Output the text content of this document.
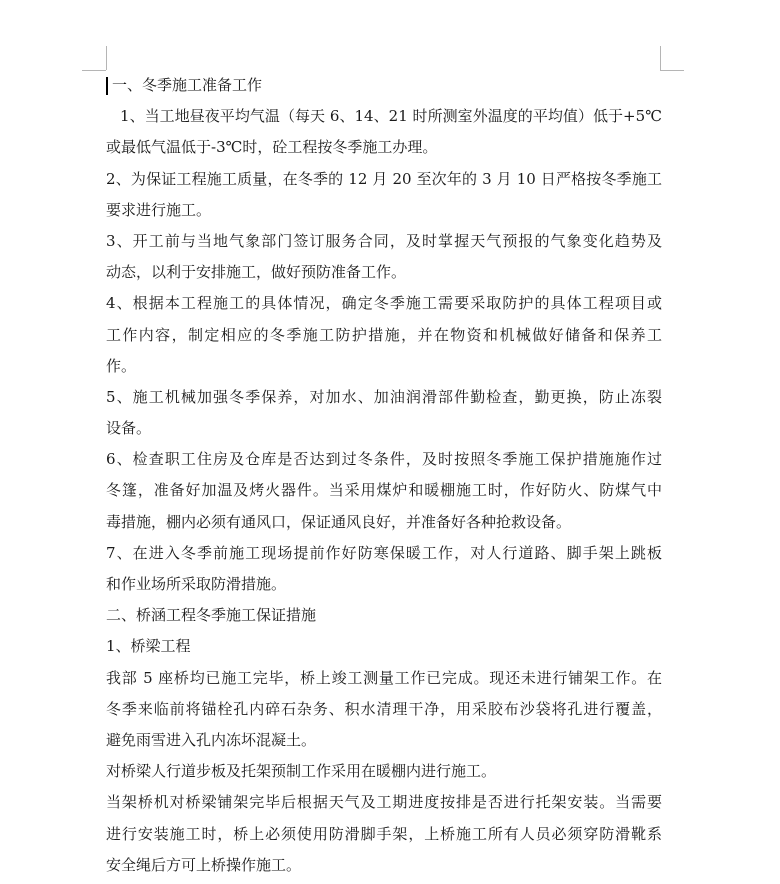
一、冬季施工准备工作
1、当工地昼夜平均气温（每天 6、14、21 时所测室外温度的平均值）低于+5℃
或最低气温低于-3℃时，砼工程按冬季施工办理。
2、为保证工程施工质量，在冬季的 12 月 20 至次年的 3 月 10 日严格按冬季施工
要求进行施工。
3、开工前与当地气象部门签订服务合同，及时掌握天气预报的气象变化趋势及
动态，以利于安排施工，做好预防准备工作。
4、根据本工程施工的具体情况，确定冬季施工需要采取防护的具体工程项目或
工作内容，制定相应的冬季施工防护措施，并在物资和机械做好储备和保养工
作。
5、施工机械加强冬季保养，对加水、加油润滑部件勤检查，勤更换，防止冻裂
设备。
6、检查职工住房及仓库是否达到过冬条件，及时按照冬季施工保护措施施作过
冬篷，准备好加温及烤火器件。当采用煤炉和暖棚施工时，作好防火、防煤气中
毒措施，棚内必须有通风口，保证通风良好，并准备好各种抢救设备。
7、在进入冬季前施工现场提前作好防寒保暖工作，对人行道路、脚手架上跳板
和作业场所采取防滑措施。
二、桥涵工程冬季施工保证措施
1、桥梁工程
我部 5 座桥均已施工完毕，桥上竣工测量工作已完成。现还未进行铺架工作。在
冬季来临前将锚栓孔内碎石杂务、积水清理干净，用采胶布沙袋将孔进行覆盖，
避免雨雪进入孔内冻坏混凝土。
对桥梁人行道步板及托架预制工作采用在暖棚内进行施工。
当架桥机对桥梁铺架完毕后根据天气及工期进度按排是否进行托架安装。当需要
进行安装施工时，桥上必须使用防滑脚手架，上桥施工所有人员必须穿防滑靴系
安全绳后方可上桥操作施工。
